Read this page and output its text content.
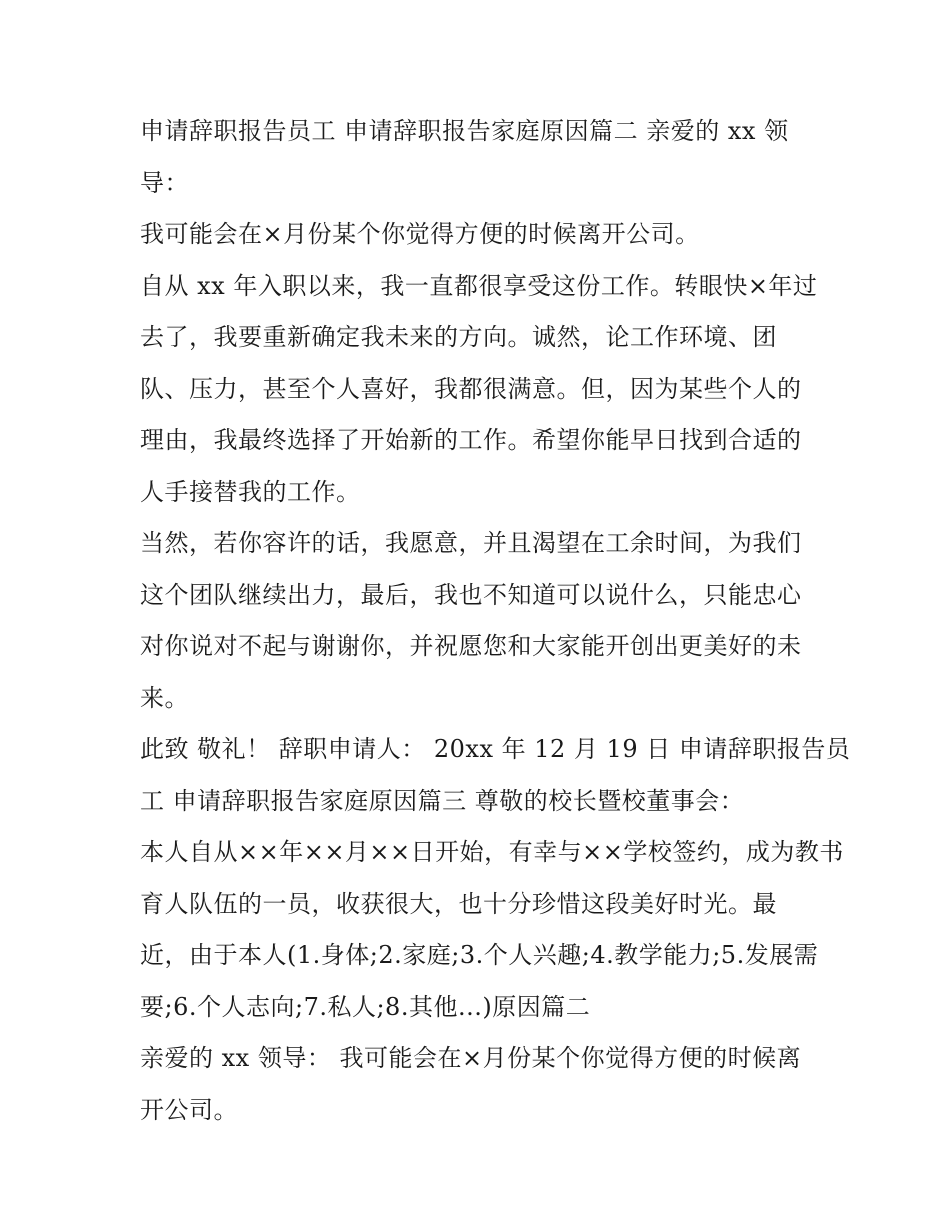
申请辞职报告员工 申请辞职报告家庭原因篇二 亲爱的 xx 领
导：

我可能会在×月份某个你觉得方便的时候离开公司。

自从 xx 年入职以来，我一直都很享受这份工作。转眼快×年过
去了，我要重新确定我未来的方向。诚然，论工作环境、团
队、压力，甚至个人喜好，我都很满意。但，因为某些个人的
理由，我最终选择了开始新的工作。希望你能早日找到合适的
人手接替我的工作。

当然，若你容许的话，我愿意，并且渴望在工余时间，为我们
这个团队继续出力，最后，我也不知道可以说什么，只能忠心
对你说对不起与谢谢你，并祝愿您和大家能开创出更美好的未
来。

此致 敬礼！ 辞职申请人： 20xx 年 12 月 19 日 申请辞职报告员
工 申请辞职报告家庭原因篇三 尊敬的校长暨校董事会：

本人自从××年××月××日开始，有幸与××学校签约，成为教书
育人队伍的一员，收获很大，也十分珍惜这段美好时光。最
近，由于本人(1.身体;2.家庭;3.个人兴趣;4.教学能力;5.发展需
要;6.个人志向;7.私人;8.其他...)原因篇二

亲爱的 xx 领导： 我可能会在×月份某个你觉得方便的时候离
开公司。
